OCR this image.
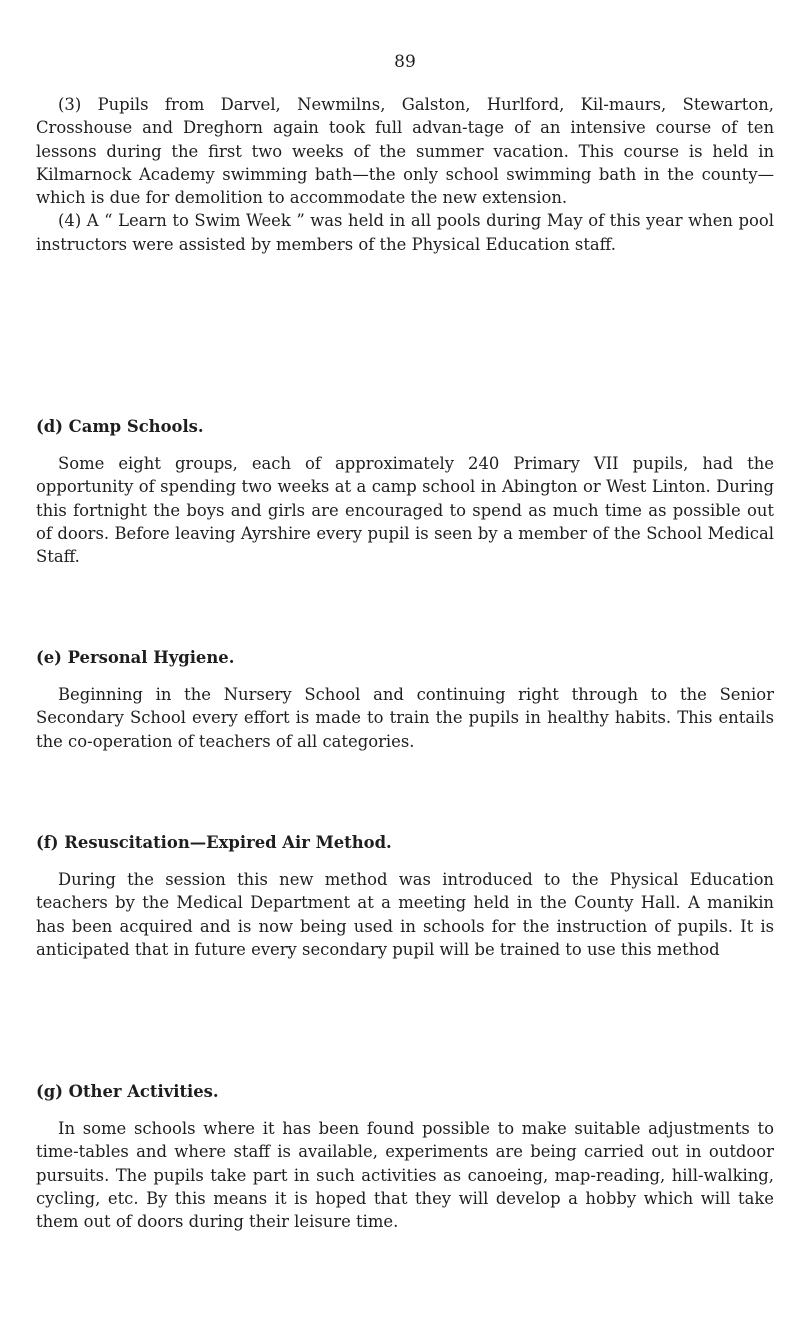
89

(3) Pupils from Darvel, Newmilns, Galston, Hurlford, Kil-maurs, Stewarton, Crosshouse and Dreghorn again took full advan-tage of an intensive course of ten lessons during the first two weeks of the summer vacation. This course is held in Kilmarnock Academy swimming bath—the only school swimming bath in the county—which is due for demolition to accommodate the new extension.

(4) A “ Learn to Swim Week ” was held in all pools during May of this year when pool instructors were assisted by members of the Physical Education staff.

(d) Camp Schools.

Some eight groups, each of approximately 240 Primary VII pupils, had the opportunity of spending two weeks at a camp school in Abington or West Linton. During this fortnight the boys and girls are encouraged to spend as much time as possible out of doors. Before leaving Ayrshire every pupil is seen by a member of the School Medical Staff.

(e) Personal Hygiene.

Beginning in the Nursery School and continuing right through to the Senior Secondary School every effort is made to train the pupils in healthy habits. This entails the co-operation of teachers of all categories.

(f) Resuscitation—Expired Air Method.

During the session this new method was introduced to the Physical Education teachers by the Medical Department at a meeting held in the County Hall. A manikin has been acquired and is now being used in schools for the instruction of pupils. It is anticipated that in future every secondary pupil will be trained to use this method

(g) Other Activities.

In some schools where it has been found possible to make suitable adjustments to time-tables and where staff is available, experiments are being carried out in outdoor pursuits. The pupils take part in such activities as canoeing, map-reading, hill-walking, cycling, etc. By this means it is hoped that they will develop a hobby which will take them out of doors during their leisure time.
